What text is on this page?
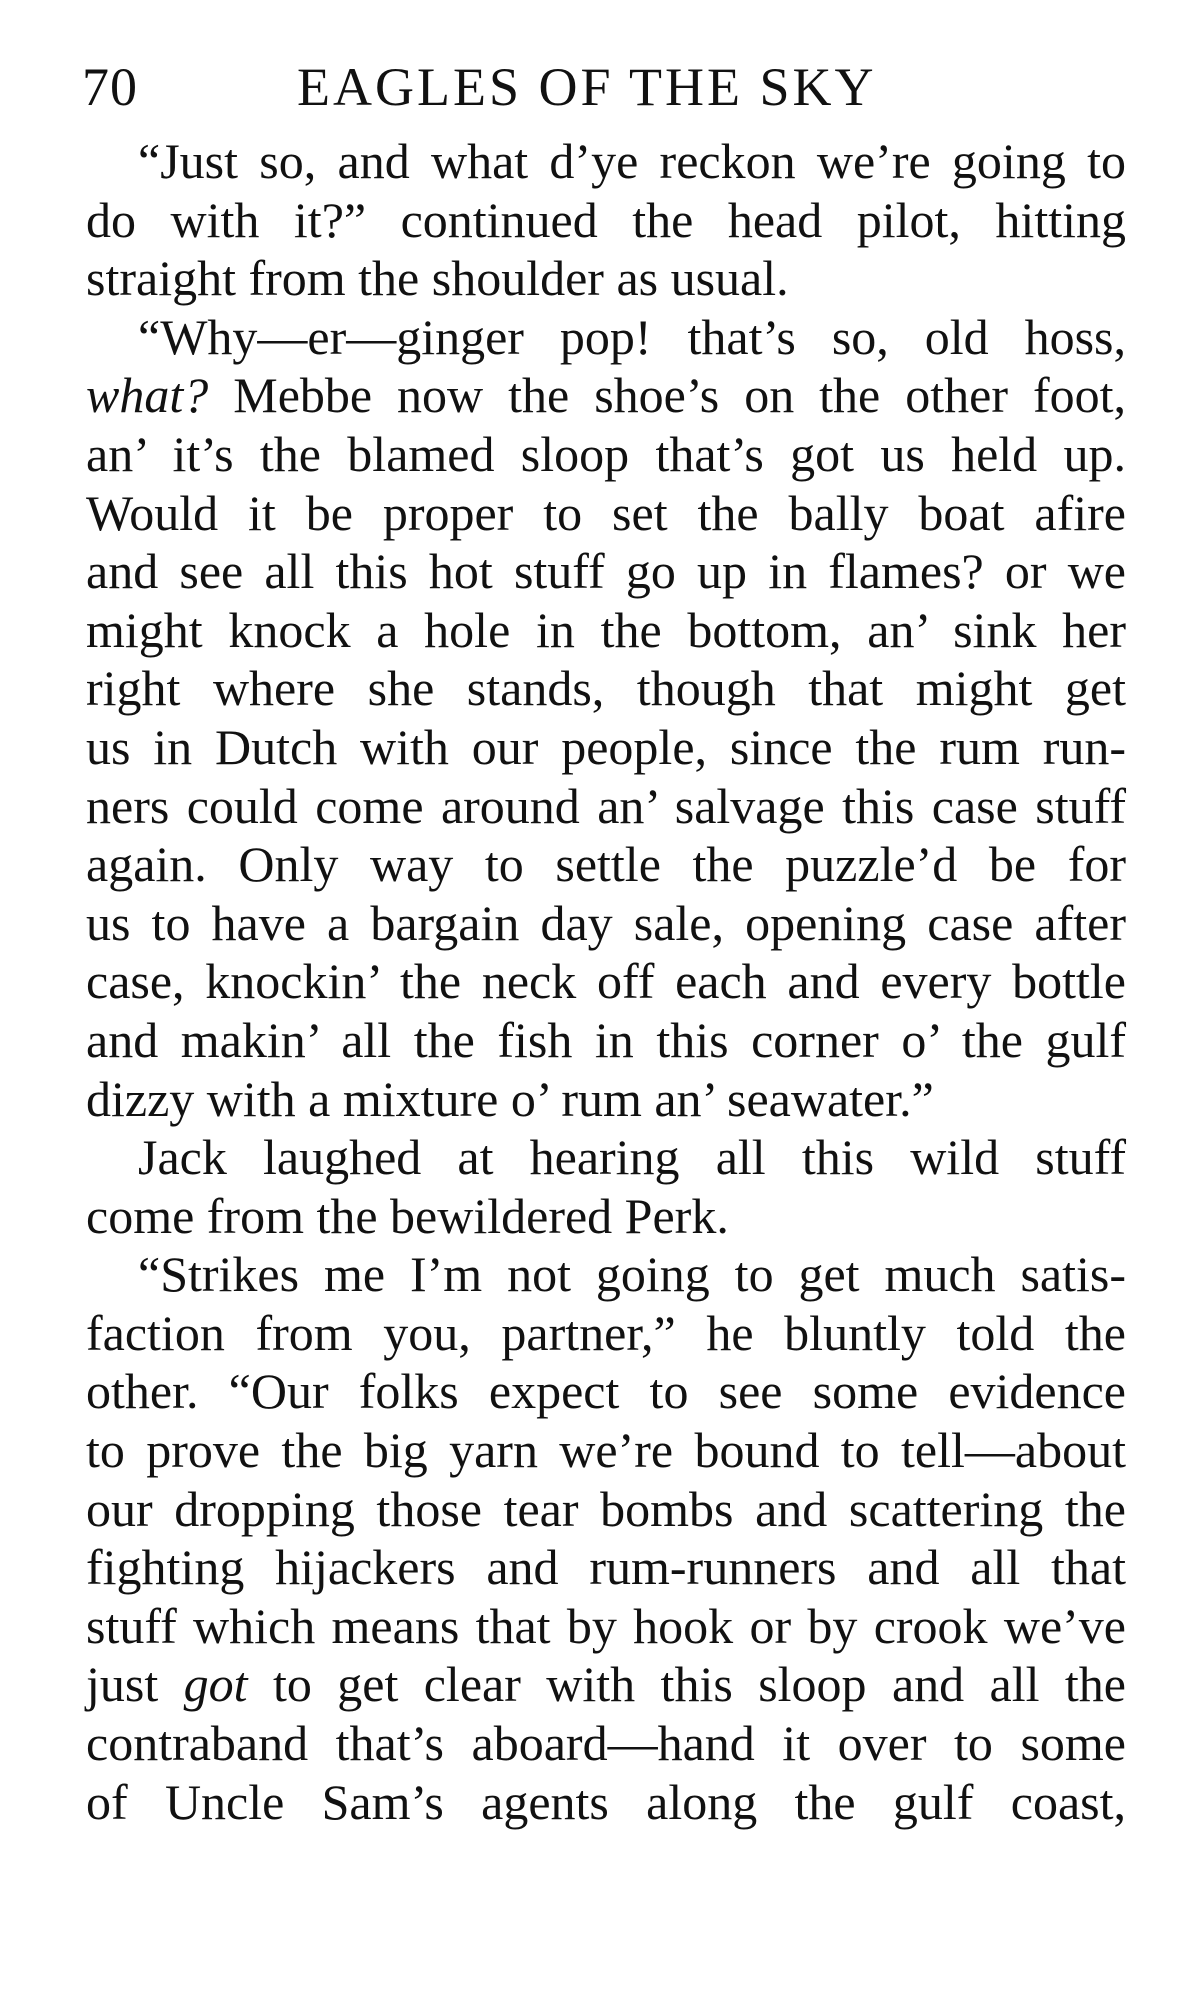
70	EAGLES OF THE SKY
“Just so, and what d’ye reckon we’re going to
do with it?” continued the head pilot, hitting
straight from the shoulder as usual.
“Why—er—ginger pop! that’s so, old hoss,
what? Mebbe now the shoe’s on the other foot,
an’ it’s the blamed sloop that’s got us held up.
Would it be proper to set the bally boat afire
and see all this hot stuff go up in flames? or we
might knock a hole in the bottom, an’ sink her
right where she stands, though that might get
us in Dutch with our people, since the rum run-
ners could come around an’ salvage this case stuff
again. Only way to settle the puzzle’d be for
us to have a bargain day sale, opening case after
case, knockin’ the neck off each and every bottle
and makin’ all the fish in this corner o’ the gulf
dizzy with a mixture o’ rum an’ seawater.”
Jack laughed at hearing all this wild stuff
come from the bewildered Perk.
“Strikes me I’m not going to get much satis-
faction from you, partner,” he bluntly told the
other. “Our folks expect to see some evidence
to prove the big yarn we’re bound to tell—about
our dropping those tear bombs and scattering the
fighting hijackers and rum-runners and all that
stuff which means that by hook or by crook we’ve
just got to get clear with this sloop and all the
contraband that’s aboard—hand it over to some
of Uncle Sam’s agents along the gulf coast,
